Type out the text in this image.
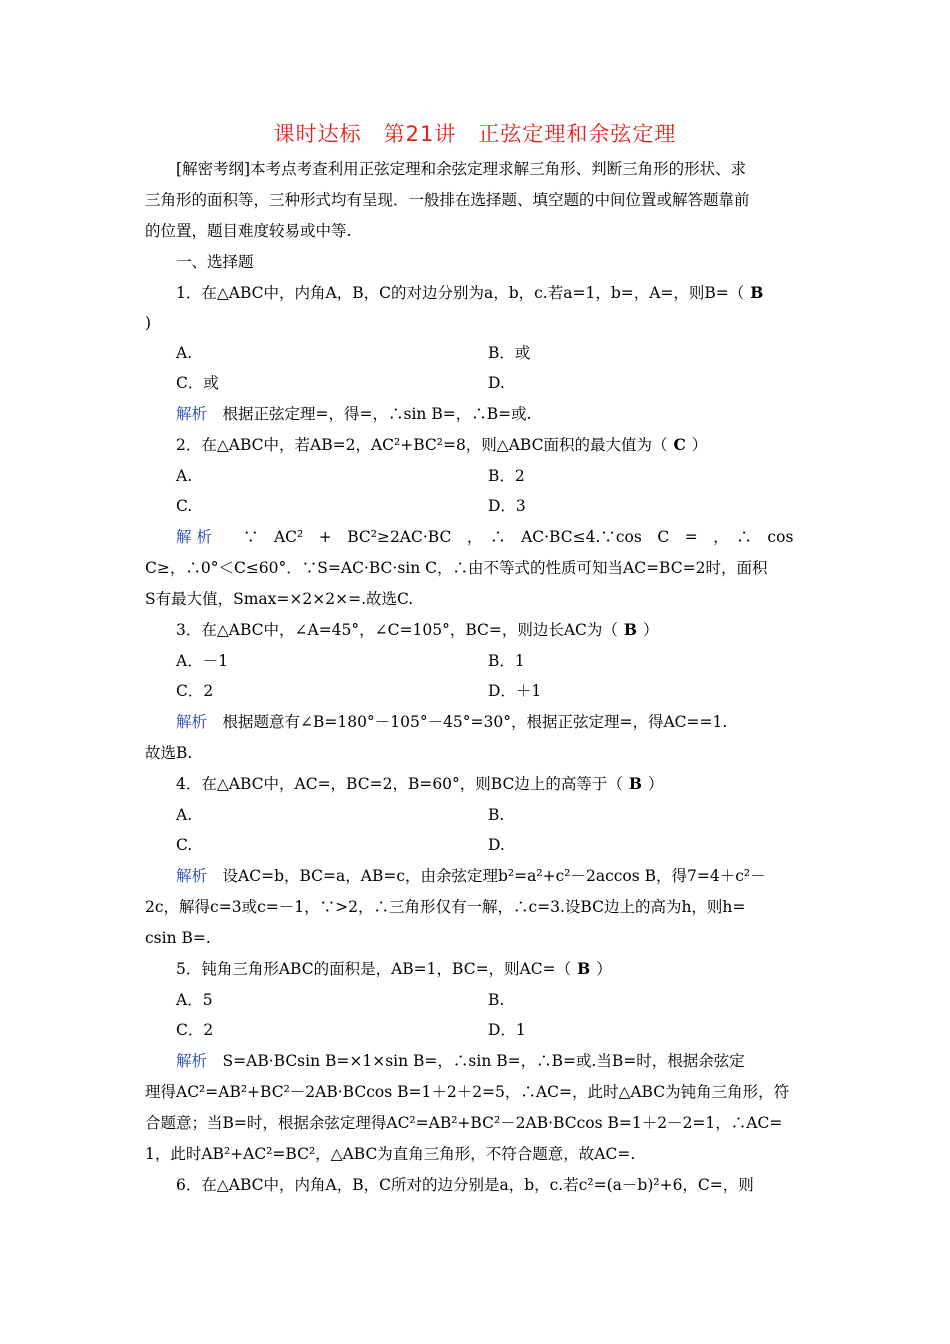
课时达标　第21讲　正弦定理和余弦定理
[解密考纲]本考点考查利用正弦定理和余弦定理求解三角形、判断三角形的形状、求
三角形的面积等，三种形式均有呈现．一般排在选择题、填空题的中间位置或解答题靠前
的位置，题目难度较易或中等.
一、选择题
1．在△ABC中，内角A，B，C的对边分别为a，b，c.若a=1，b=，A=，则B=（ B
)
A.	B．或
C．或	D.
解析　 根据正弦定理=，得=，∴sin B=，∴B=或.
2．在△ABC中，若AB=2，AC²+BC²=8，则△ABC面积的最大值为（ C ）
A.	B．2
C.	D．3
解 析　　 ∵　AC²　+　BC²≥2AC·BC　，　∴　AC·BC≤4.∵cos　C　=　，　∴　cos
C≥，∴0°＜C≤60°．∵S=AC·BC·sin C，∴由不等式的性质可知当AC=BC=2时，面积
S有最大值，Smax=×2×2×=.故选C.
3．在△ABC中，∠A=45°，∠C=105°，BC=，则边长AC为（ B ）
A．－1	B．1
C．2	D．＋1
解析　 根据题意有∠B=180°－105°－45°=30°，根据正弦定理=，得AC==1.
故选B.
4．在△ABC中，AC=，BC=2，B=60°，则BC边上的高等于（ B ）
A.	B.
C.	D.
解析　 设AC=b，BC=a，AB=c，由余弦定理b²=a²+c²－2accos B，得7=4＋c²－
2c，解得c=3或c=－1，∵>2，∴三角形仅有一解，∴c=3.设BC边上的高为h，则h=
csin B=.
5．钝角三角形ABC的面积是，AB=1，BC=，则AC=（ B ）
A．5	B.
C．2	D．1
解析　 S=AB·BCsin B=×1×sin B=，∴sin B=，∴B=或.当B=时，根据余弦定
理得AC²=AB²+BC²－2AB·BCcos B=1＋2＋2=5，∴AC=，此时△ABC为钝角三角形，符
合题意；当B=时，根据余弦定理得AC²=AB²+BC²－2AB·BCcos B=1＋2－2=1，∴AC=
1，此时AB²+AC²=BC²，△ABC为直角三角形，不符合题意，故AC=.
6．在△ABC中，内角A，B，C所对的边分别是a，b，c.若c²=(a－b)²+6，C=，则
